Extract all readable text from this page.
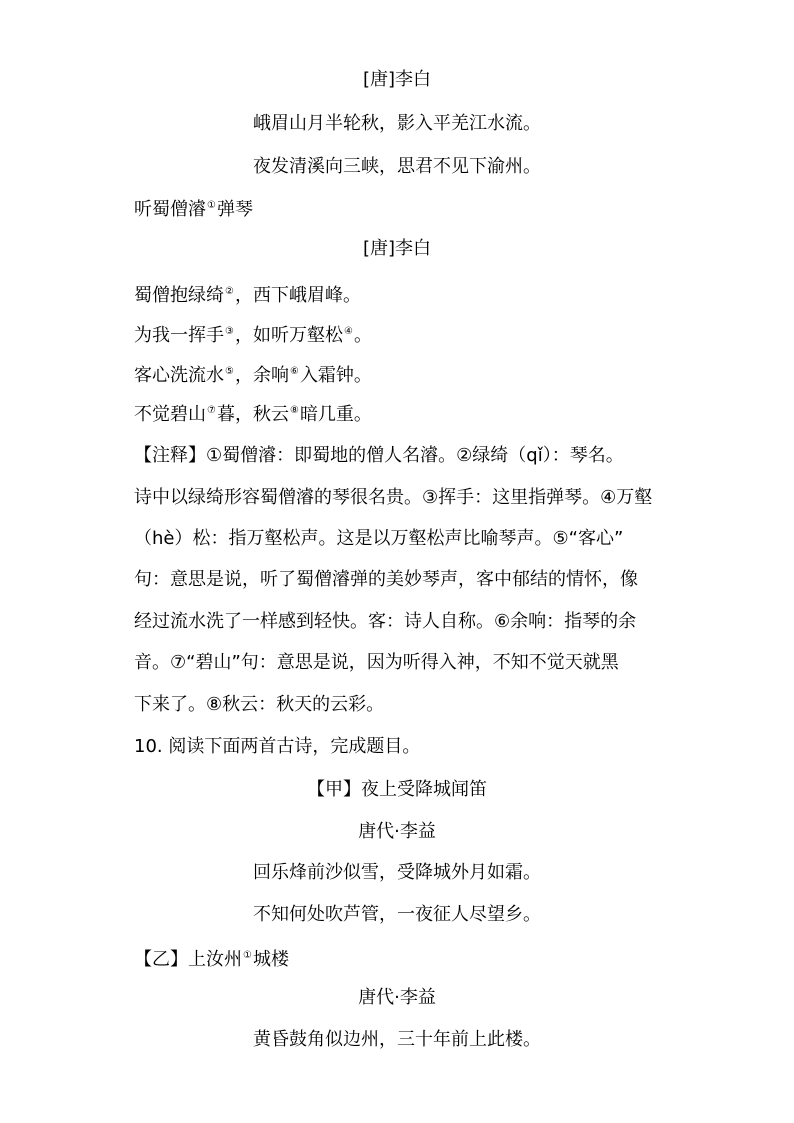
[唐]李白
峨眉山月半轮秋，影入平羌江水流。
夜发清溪向三峡，思君不见下渝州。
听蜀僧濬①弹琴
[唐]李白
蜀僧抱绿绮②，西下峨眉峰。
为我一挥手③，如听万壑松④。
客心洗流水⑤，余响⑥入霜钟。
不觉碧山⑦暮，秋云⑧暗几重。
【注释】①蜀僧濬：即蜀地的僧人名濬。②绿绮（qǐ）：琴名。
诗中以绿绮形容蜀僧濬的琴很名贵。③挥手：这里指弹琴。④万壑
（hè）松：指万壑松声。这是以万壑松声比喻琴声。⑤“客心”
句：意思是说，听了蜀僧濬弹的美妙琴声，客中郁结的情怀，像
经过流水洗了一样感到轻快。客：诗人自称。⑥余响：指琴的余
音。⑦“碧山”句：意思是说，因为听得入神，不知不觉天就黑
下来了。⑧秋云：秋天的云彩。
10. 阅读下面两首古诗，完成题目。
【甲】夜上受降城闻笛
唐代·李益
回乐烽前沙似雪，受降城外月如霜。
不知何处吹芦管，一夜征人尽望乡。
【乙】上汝州①城楼
唐代·李益
黄昏鼓角似边州，三十年前上此楼。
